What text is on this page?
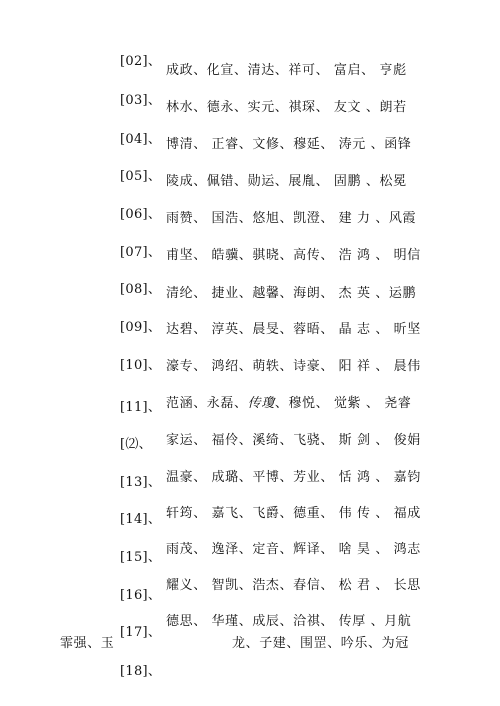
[02]、
成政、化宣、清达、祥可、 富启、 亨彪
[03]、 林水、德永、实元、祺琛、 友文 、朗若
[04]、 博清、 正睿、文修、穆延、 涛元 、函锋
[05]、 陵成、佩错、勋运、展胤、 固鹏 、松冕
[06]、 雨赞、 国浩、悠旭、凯澄、 建 力 、风霞
[07]、 甫坚、 皓骥、骐晓、高传、 浩 鸿 、 明信
[08]、 清纶、 捷业、越馨、海朗、 杰 英 、运鹏
[09]、 达碧、 淳英、晨旻、蓉晤、 晶 志 、 昕坚
[10]、 濠专、 鸿绍、萌轶、诗豪、 阳 祥 、 晨伟
[11]、 范涵、永磊、传瓊、穆悦、 觉紫 、 尧睿
[⑵、	家运、 福伶、溪绮、飞骁、 斯 剑 、 俊娟
[13]、 温豪、 成璐、平博、芳业、 恬 鸿 、 嘉钧
[14]、 轩筠、 嘉飞、飞爵、德重、 伟 传 、 福成
[15]、
雨茂、 逸泽、定音、辉译、 啥 昊 、 鸿志
[16]、
耀义、 智凯、浩杰、春信、 松 君 、 长思
[17]、
德思、 华瑾、成辰、洽祺、 传厚 、月航
霏强、玉	龙、子建、围罡、吟乐、为冠
[18]、
